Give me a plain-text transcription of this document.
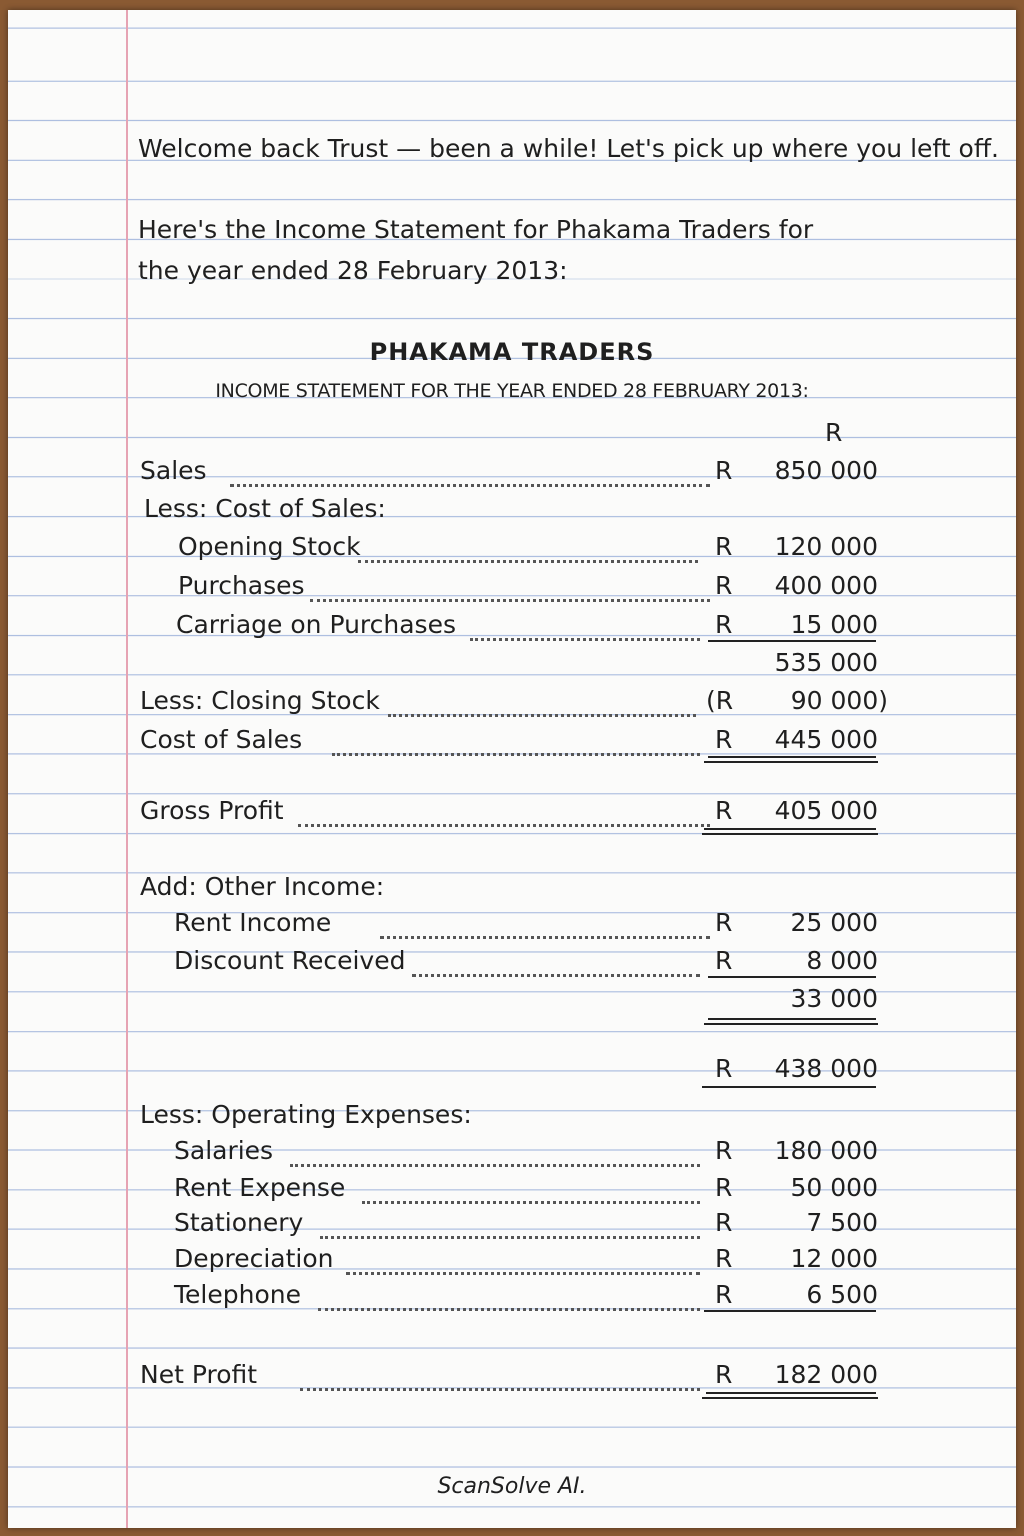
Welcome back Trust — been a while! Let's pick up where you left off.
Here's the Income Statement for Phakama Traders for
the year ended 28 February 2013:
PHAKAMA TRADERS
INCOME STATEMENT FOR THE YEAR ENDED 28 FEBRUARY 2013:
R
Sales	R 850 000
Less: Cost of Sales:
Opening Stock	R 120 000
Purchases	R 400 000
Carriage on Purchases	R 15 000
535 000
Less: Closing Stock	(R 90 000)
Cost of Sales	R 445 000
Gross Profit	R 405 000
Add: Other Income:
Rent Income	R 25 000
Discount Received	R	8 000
33 000
R 438 000
Less: Operating Expenses:
Salaries	R 180 000
Rent Expense	R 50 000
Stationery	R	7 500
Depreciation	R 12 000
Telephone	R	6 500
Net Profit	R 182 000
ScanSolve AI.
